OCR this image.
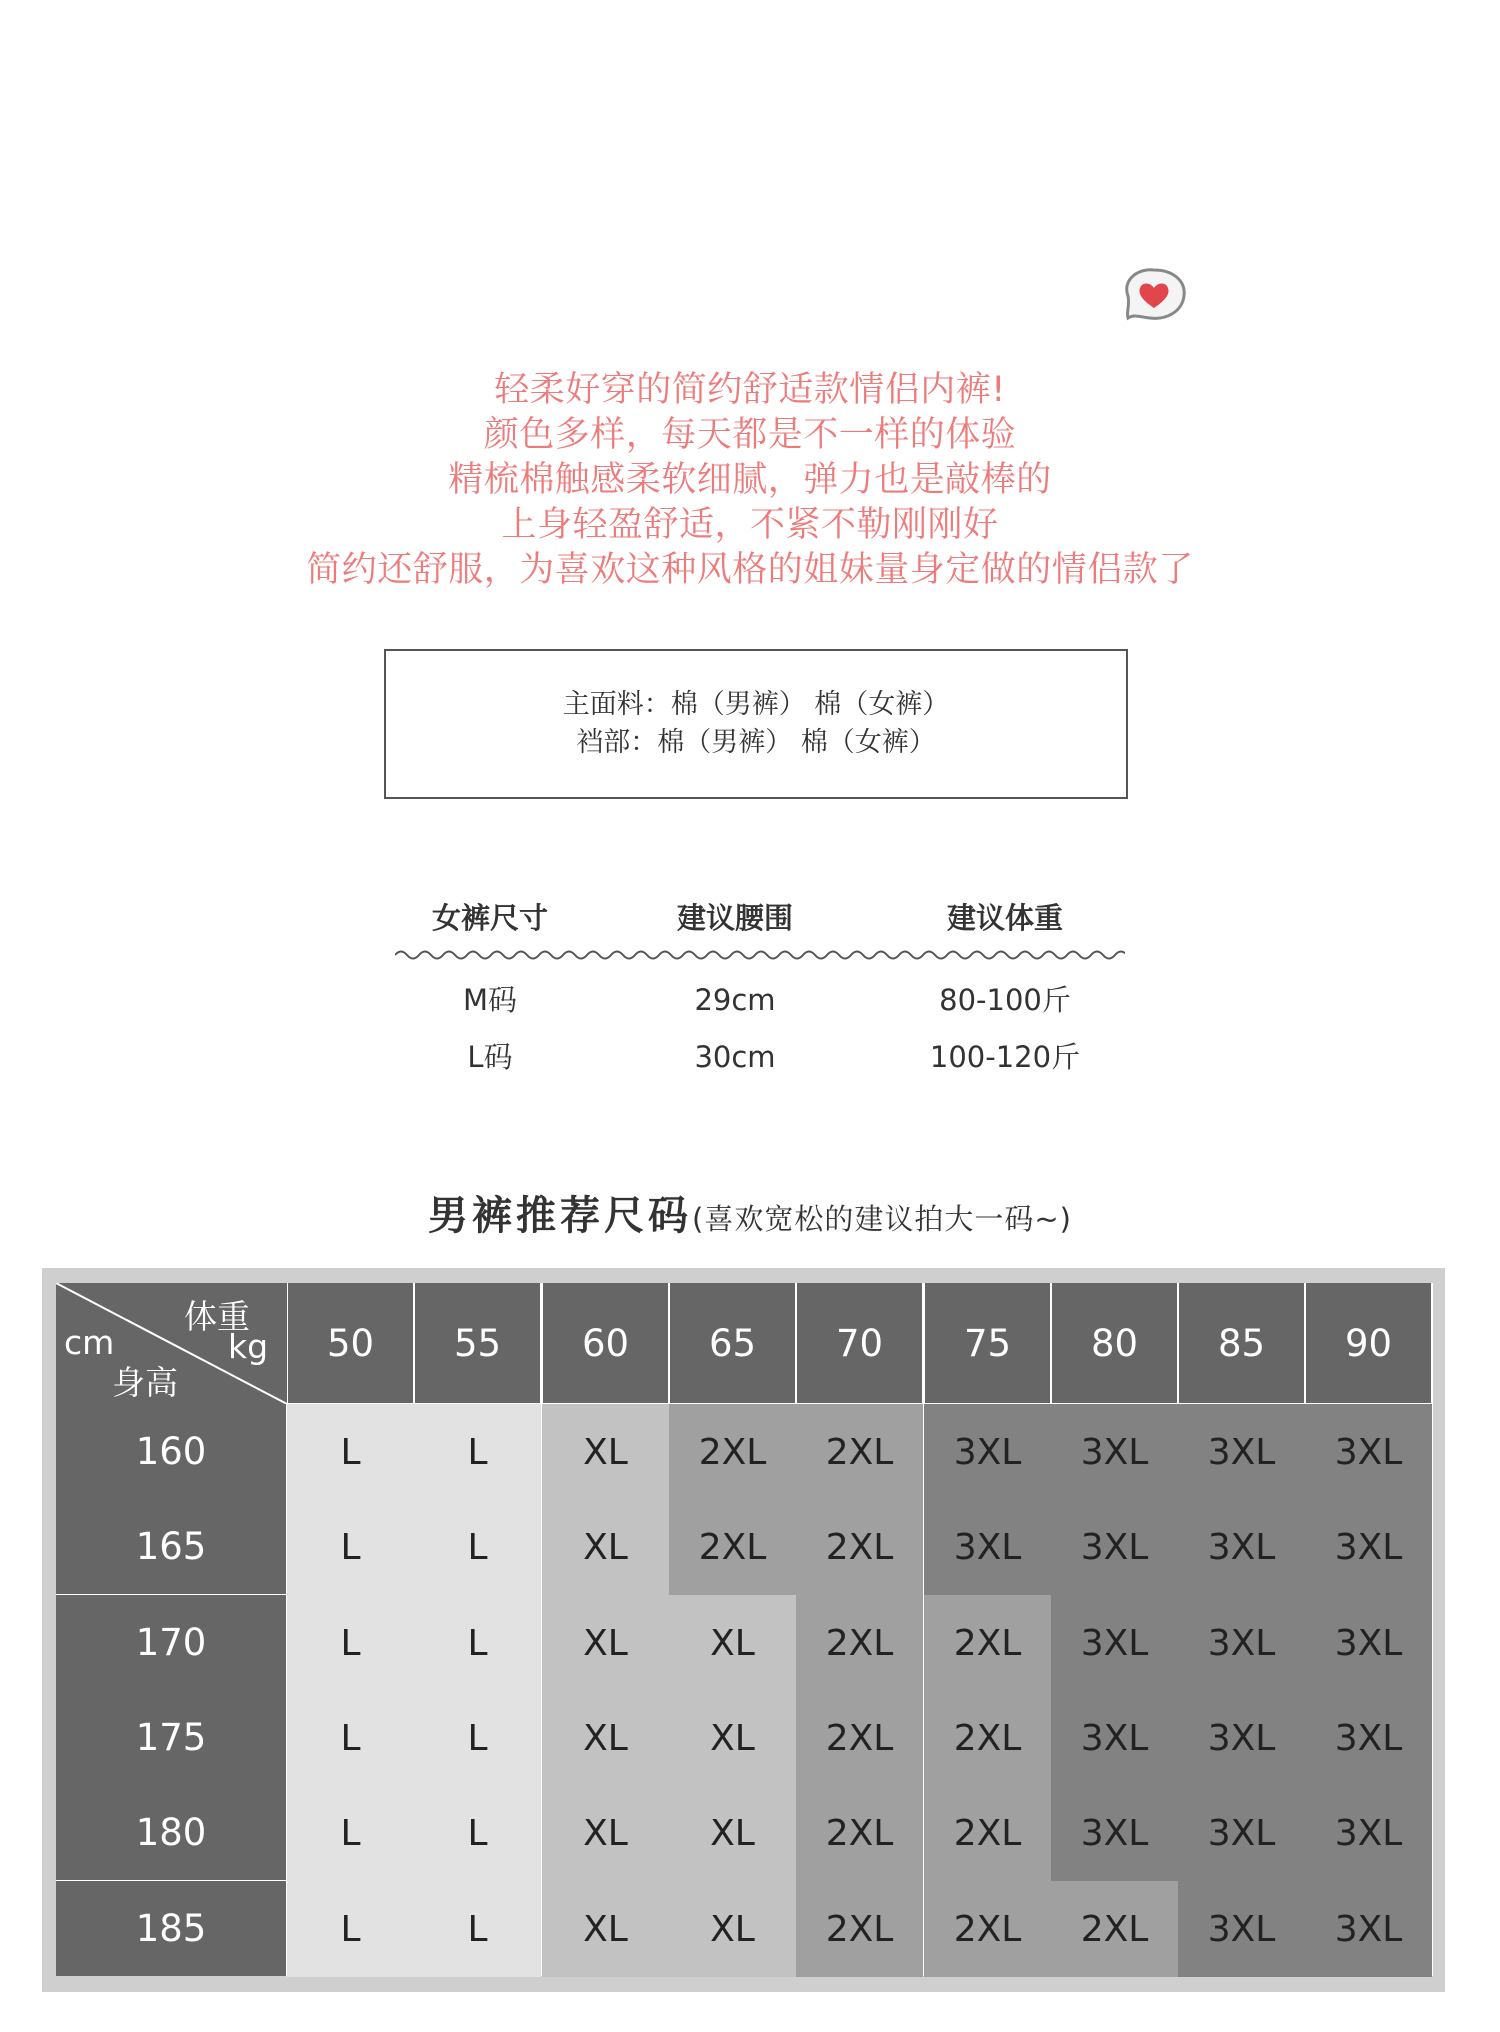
轻柔好穿的简约舒适款情侣内裤!
颜色多样，每天都是不一样的体验
精梳棉触感柔软细腻，弹力也是敲棒的
上身轻盈舒适，不紧不勒刚刚好
简约还舒服，为喜欢这种风格的姐妹量身定做的情侣款了
主面料：棉（男裤） 棉（女裤）
裆部：棉（男裤） 棉（女裤）
女裤尺寸	建议腰围	建议体重
M码	29cm	80-100斤
L码	30cm	100-120斤
男裤推荐尺码(喜欢宽松的建议拍大一码~)
体重
kg
cm
身高
50	55	60	65	70	75	80	85	90
160	L	L	XL	2XL	2XL	3XL	3XL	3XL	3XL
165	L	L	XL	2XL	2XL	3XL	3XL	3XL	3XL
170	L	L	XL	XL	2XL	2XL	3XL	3XL	3XL
175	L	L	XL	XL	2XL	2XL	3XL	3XL	3XL
180	L	L	XL	XL	2XL	2XL	3XL	3XL	3XL
185	L	L	XL	XL	2XL	2XL	2XL	3XL	3XL
